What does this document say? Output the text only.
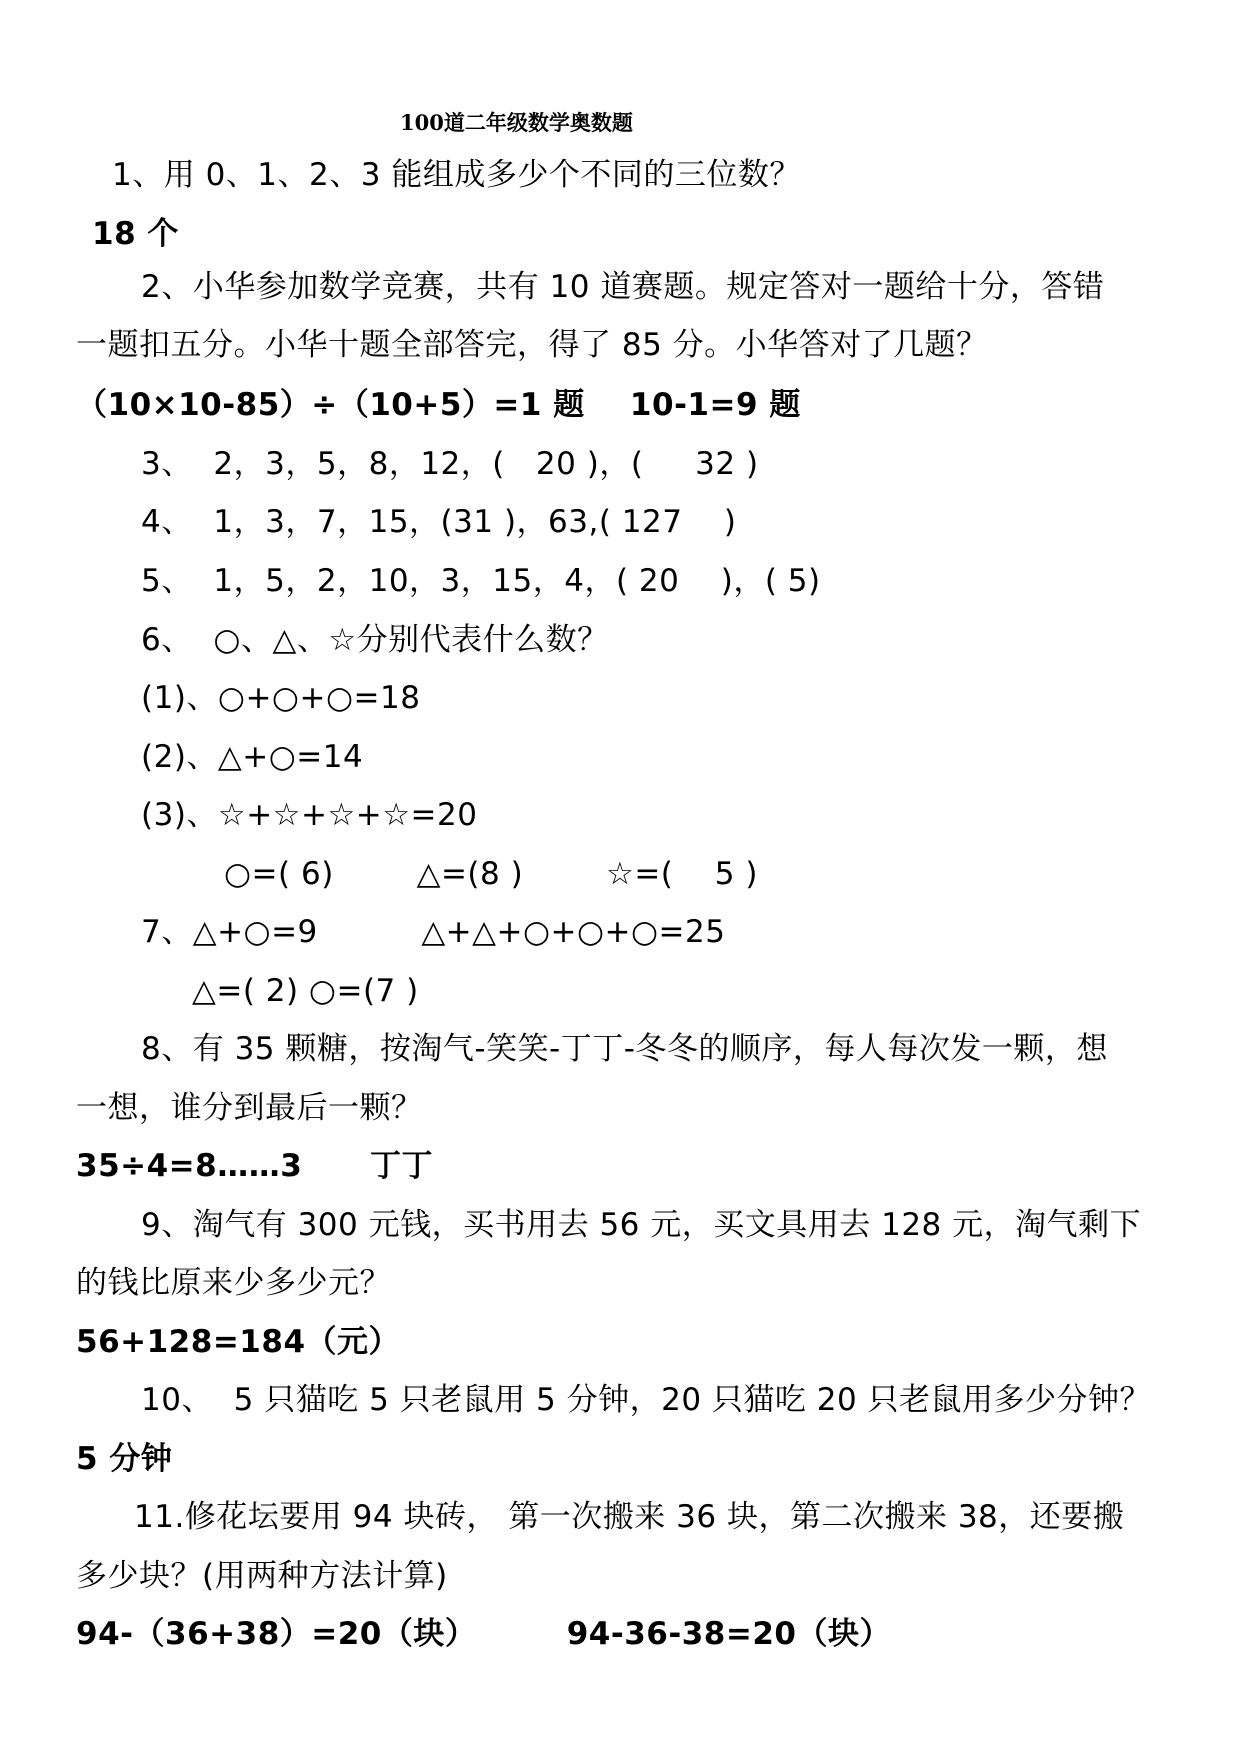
100道二年级数学奥数题
1、用 0、1、2、3 能组成多少个不同的三位数？
18 个
2、小华参加数学竞赛，共有 10 道赛题。规定答对一题给十分，答错
一题扣五分。小华十题全部答完，得了 85 分。小华答对了几题？
（10×10-85）÷（10+5）=1 题    10-1=9 题
3、  2，3，5，8，12，(   20 )，(     32 )
4、  1，3，7，15，(31 )，63,( 127    )
5、  1，5，2，10，3，15，4，( 20    )，( 5)
6、  ○、△、☆分别代表什么数？
(1)、○+○+○=18
(2)、△+○=14
(3)、☆+☆+☆+☆=20
○=( 6)        △=(8 )        ☆=(    5 )
7、△+○=9          △+△+○+○+○=25
△=( 2) ○=(7 )
8、有 35 颗糖，按淘气-笑笑-丁丁-冬冬的顺序，每人每次发一颗，想
一想，谁分到最后一颗？
35÷4=8……3      丁丁
9、淘气有 300 元钱，买书用去 56 元，买文具用去 128 元，淘气剩下
的钱比原来少多少元？
56+128=184（元）
10、  5 只猫吃 5 只老鼠用 5 分钟，20 只猫吃 20 只老鼠用多少分钟？
5 分钟
11.修花坛要用 94 块砖， 第一次搬来 36 块，第二次搬来 38，还要搬
多少块？(用两种方法计算)
94-（36+38）=20（块）        94-36-38=20（块）
